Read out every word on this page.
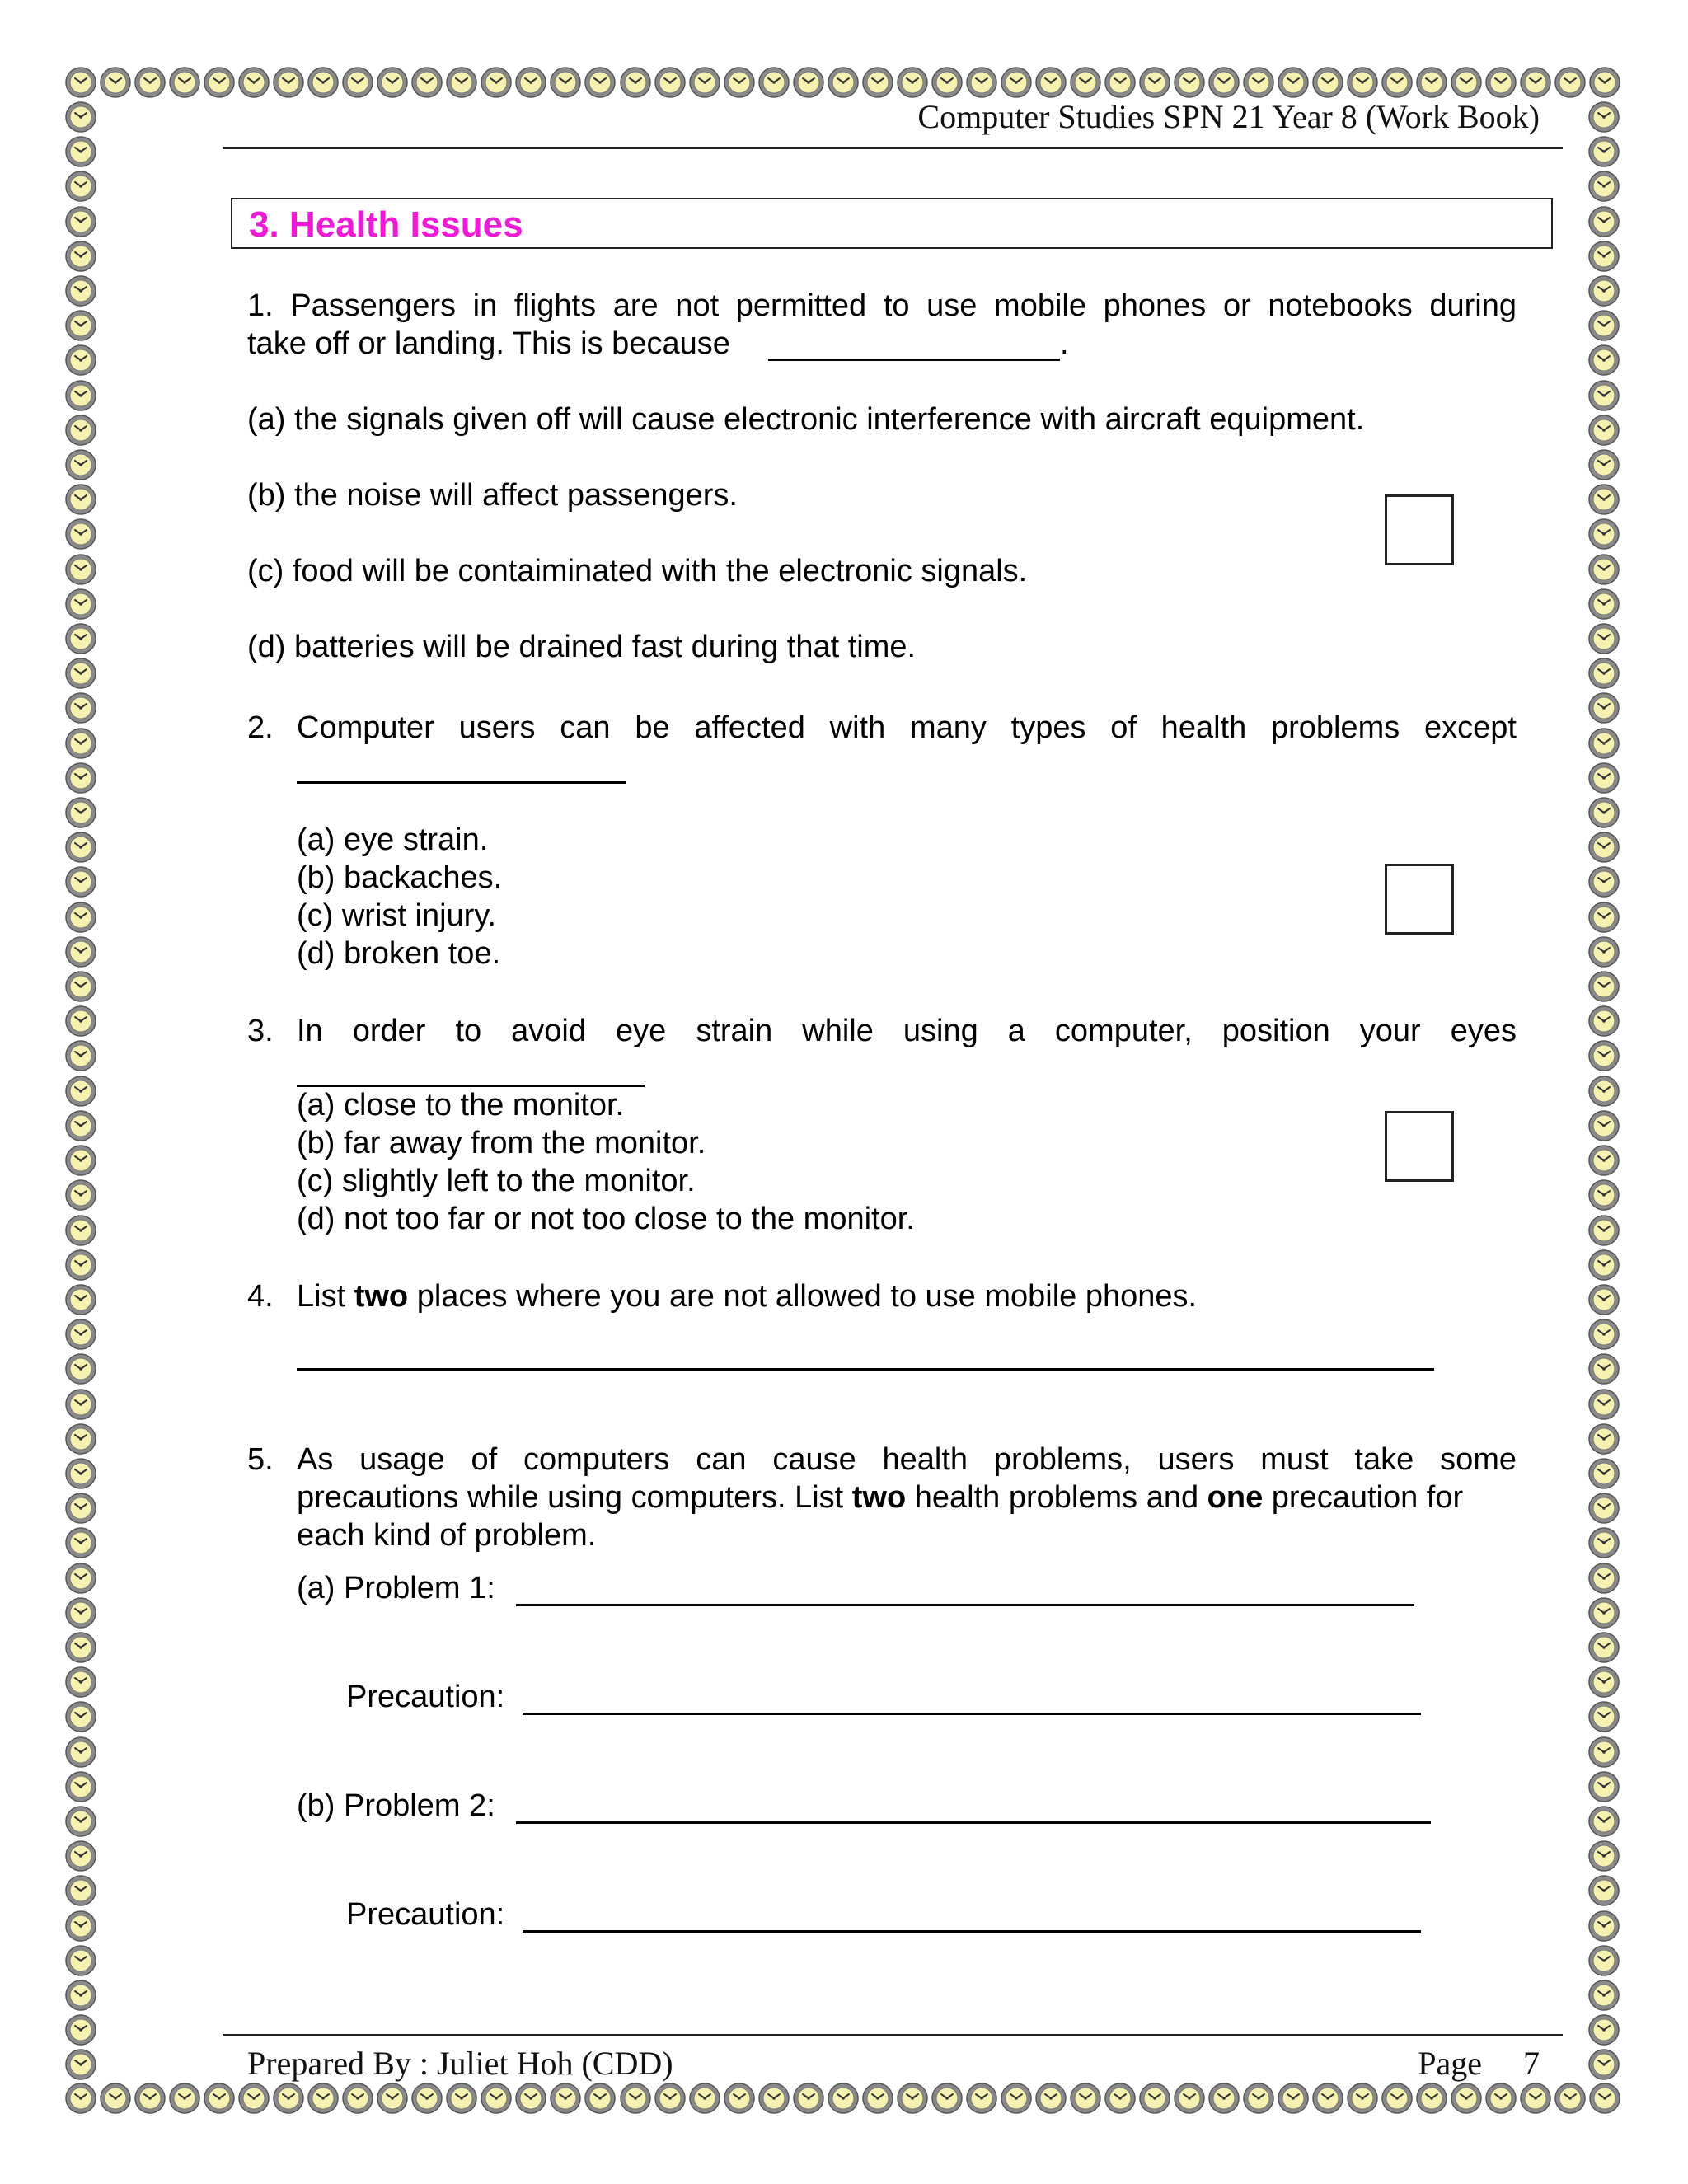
Computer Studies SPN 21 Year 8 (Work Book)
3. Health Issues
1. Passengers in flights are not permitted to use mobile phones or notebooks during
take off or landing. This is because	.
(a) the signals given off will cause electronic interference with aircraft equipment.
(b) the noise will affect passengers.
(c) food will be contaiminated with the electronic signals.
(d) batteries will be drained fast during that time.
2. Computer users can be affected with many types of health problems except
(a) eye strain.
(b) backaches.
(c) wrist injury.
(d) broken toe.
3. In order to avoid eye strain while using a computer, position your eyes
(a) close to the monitor.
(b) far away from the monitor.
(c) slightly left to the monitor.
(d) not too far or not too close to the monitor.
4. List two places where you are not allowed to use mobile phones.
5. As usage of computers can cause health problems, users must take some
precautions while using computers. List two health problems and one precaution for
each kind of problem.
(a) Problem 1:
Precaution:
(b) Problem 2:
Precaution:
Prepared By : Juliet Hoh (CDD)	Page 7
